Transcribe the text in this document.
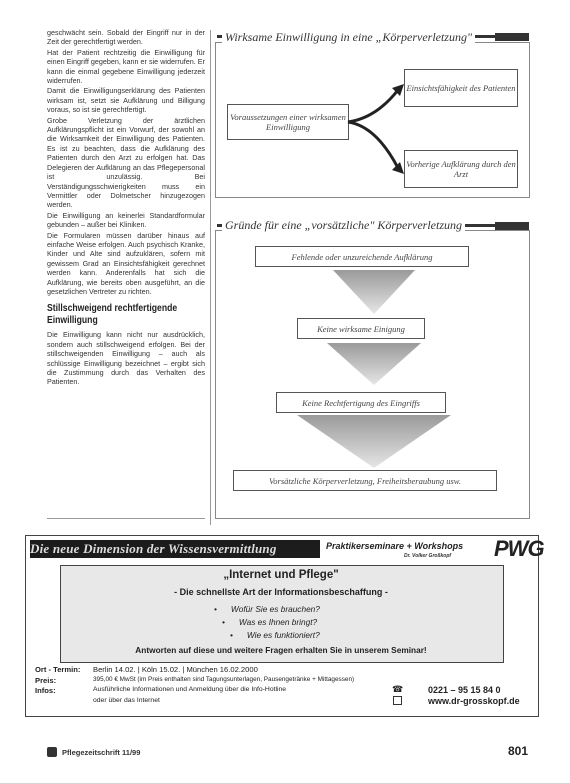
geschwächt sein. Sobald der Eingriff nur in der Zeit der gerechtfertigt werden.

Hat der Patient rechtzeitig die Einwilligung für einen Eingriff gegeben, kann er sie widerrufen. Er kann die einmal gegebene Einwilligung jederzeit widerrufen.

Damit die Einwilligungserklärung des Patienten wirksam ist, setzt sie Aufklärung und Billigung voraus, so ist sie gerechtfertigt.

Grobe Verletzung der ärztlichen Aufklärungspflicht ist ein Vorwurf, der sowohl an die Wirksamkeit der Einwilligung des Patienten. Es ist zu beachten, dass die Aufklärung des Patienten durch den Arzt zu erfolgen hat. Das Delegieren der Aufklärung an das Pflegepersonal ist unzulässig. Bei Verständigungsschwierigkeiten muss ein Vermittler oder Dolmetscher hinzugezogen werden.

Die Einwilligung an keinerlei Standardformular gebunden – außer bei Kliniken.

Die Formularen müssen darüber hinaus auf einfache Weise erfolgen. Auch psychisch Kranke, Kinder und Alte sind aufzuklären, sofern mit gewissem Grad an Einsichtsfähigkeit gerechnet werden kann. Anderenfalls hat sich die Aufklärung, wie bereits oben ausgeführt, an die gesetzlichen Vertreter zu richten.

Stillschweigend rechtfertigende Einwilligung

Die Einwilligung kann nicht nur ausdrücklich, sondern auch stillschweigend erfolgen. Bei der stillschweigenden Einwilligung – auch als schlüssige Einwilligung bezeichnet – ergibt sich die Zustimmung durch das Verhalten des Patienten.

Wirksame Einwilligung in eine „Körperverletzung"
Voraussetzungen einer wirksamen Einwilligung
Einsichtsfähigkeit des Patienten
Vorherige Aufklärung durch den Arzt
Gründe für eine „vorsätzliche" Körperverletzung
Fehlende oder unzureichende Aufklärung
Keine wirksame Einigung
Keine Rechtfertigung des Eingriffs
Vorsätzliche Körperverletzung, Freiheitsberaubung usw.
Die neue Dimension der Wissensvermittlung	Praktikerseminare + Workshops
Dr. Volker Großkopf PWG
„Internet und Pflege"
- Die schnellste Art der Informationsbeschaffung -
• Wofür Sie es brauchen?
• Was es Ihnen bringt?
• Wie es funktioniert?
Antworten auf diese und weitere Fragen erhalten Sie in unserem Seminar!
Ort - Termin: Berlin 14.02. | Köln 15.02. | München 16.02.2000
Preis:	395,00 € MwSt (im Preis enthalten sind Tagungsunterlagen, Pausengetränke + Mittagessen)
Infos:	Ausführliche Informationen und Anmeldung über die Info-Hotline
oder über das Internet
☎	0221 – 95 15 84 0
www.dr-grosskopf.de
Pflegezeitschrift 11/99	801
